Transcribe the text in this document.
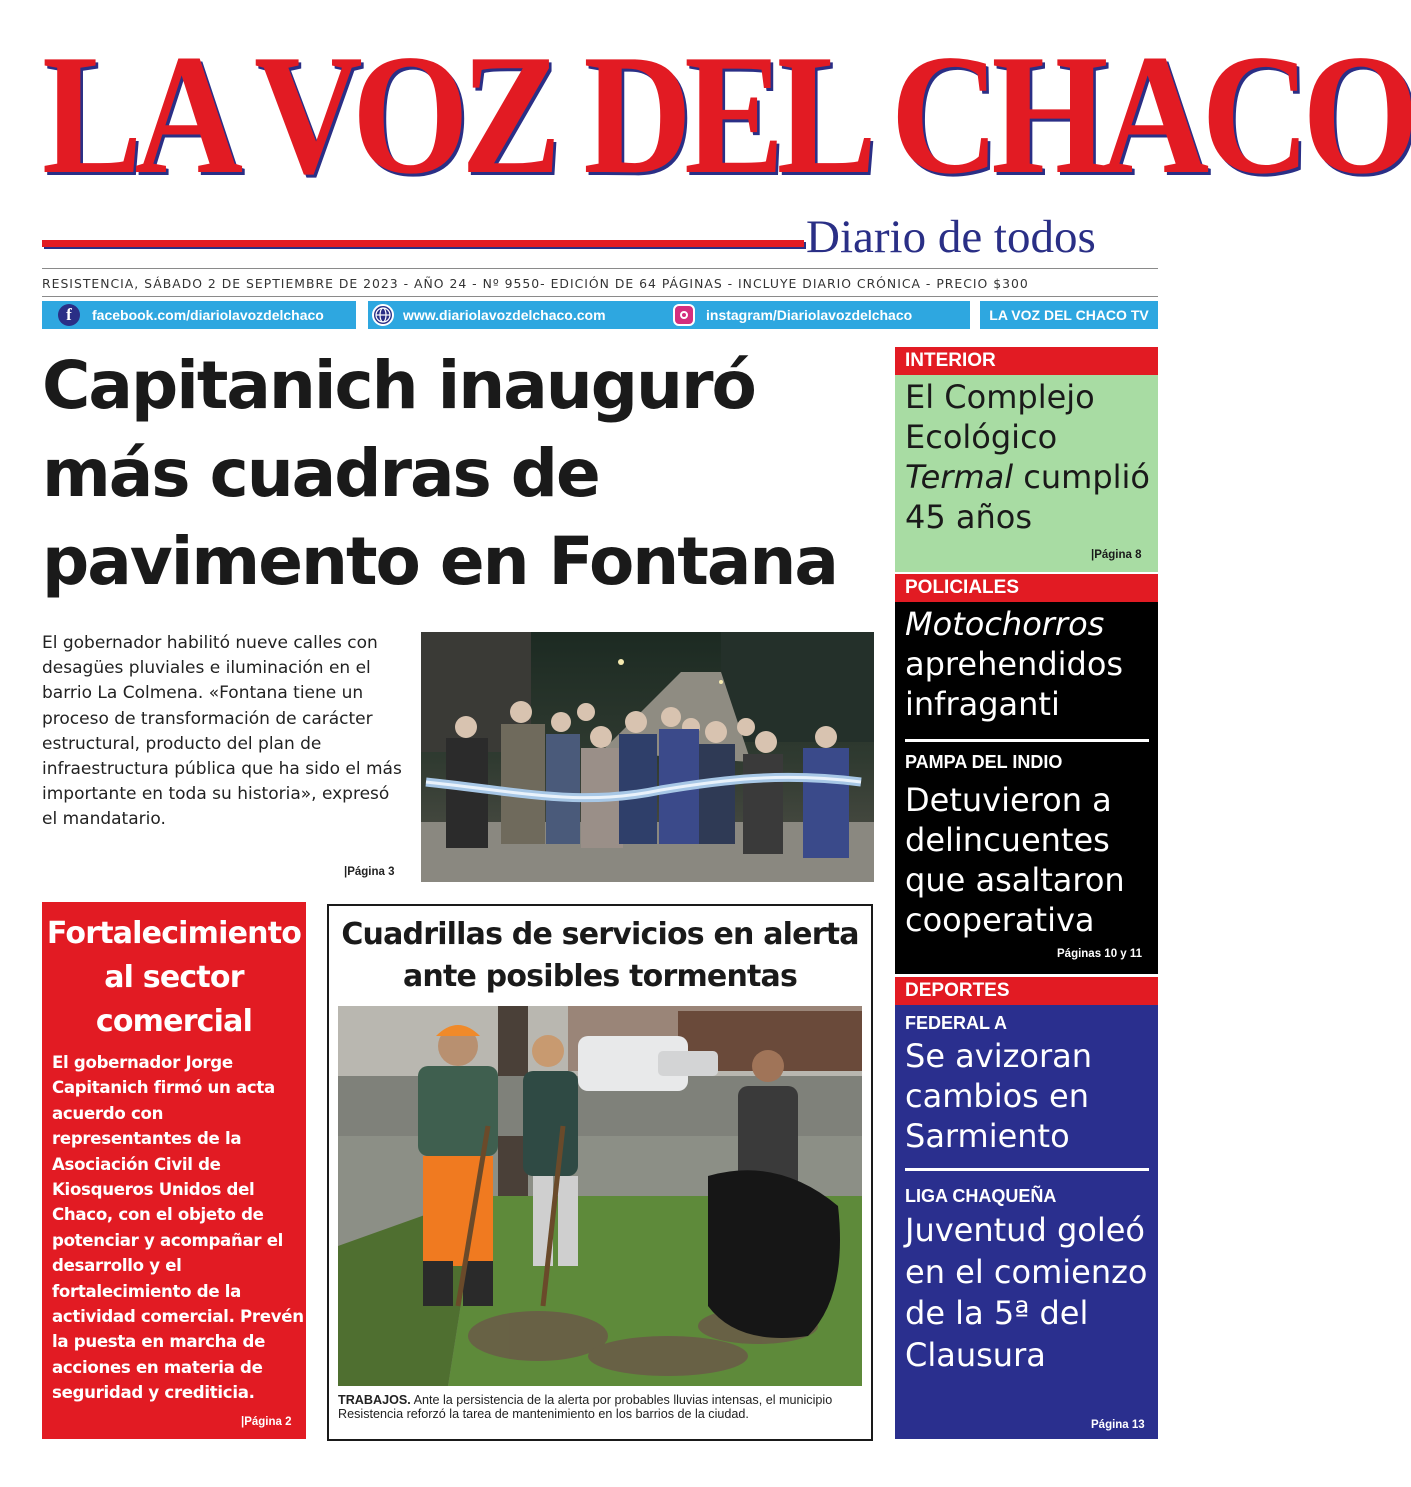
LA VOZ DEL CHACO
Diario de todos
RESISTENCIA, SÁBADO 2 DE SEPTIEMBRE DE 2023 - AÑO 24 - Nº 9550- EDICIÓN DE 64 PÁGINAS - INCLUYE DIARIO CRÓNICA - PRECIO $300
f	facebook.com/diariolavozdelchaco	www.diariolavozdelchaco.com	instagram/Diariolavozdelchaco	LA VOZ DEL CHACO TV
Capitanich inauguró más cuadras de pavimento en Fontana

El gobernador habilitó nueve calles con desagües pluviales e iluminación en el barrio La Colmena. «Fontana tiene un proceso de transformación de carácter estructural, producto del plan de infraestructura pública que ha sido el más importante en toda su historia», expresó el mandatario.

|Página 3
INTERIOR
El Complejo Ecológico Termal cumplió 45 años
|Página 8
POLICIALES
Motochorros aprehendidos infraganti
PAMPA DEL INDIO
Detuvieron a delincuentes que asaltaron cooperativa
Páginas 10 y 11
DEPORTES
FEDERAL A
Se avizoran cambios en Sarmiento
LIGA CHAQUEÑA
Juventud goleó en el comienzo de la 5ª del Clausura
Página 13
Fortalecimiento al sector comercial
El gobernador Jorge Capitanich firmó un acta acuerdo con representantes de la Asociación Civil de Kiosqueros Unidos del Chaco, con el objeto de potenciar y acompañar el desarrollo y el fortalecimiento de la actividad comercial. Prevén la puesta en marcha de acciones en materia de seguridad y crediticia.
|Página 2
Cuadrillas de servicios en alerta ante posibles tormentas
TRABAJOS. Ante la persistencia de la alerta por probables lluvias intensas, el municipio Resistencia reforzó la tarea de mantenimiento en los barrios de la ciudad.
